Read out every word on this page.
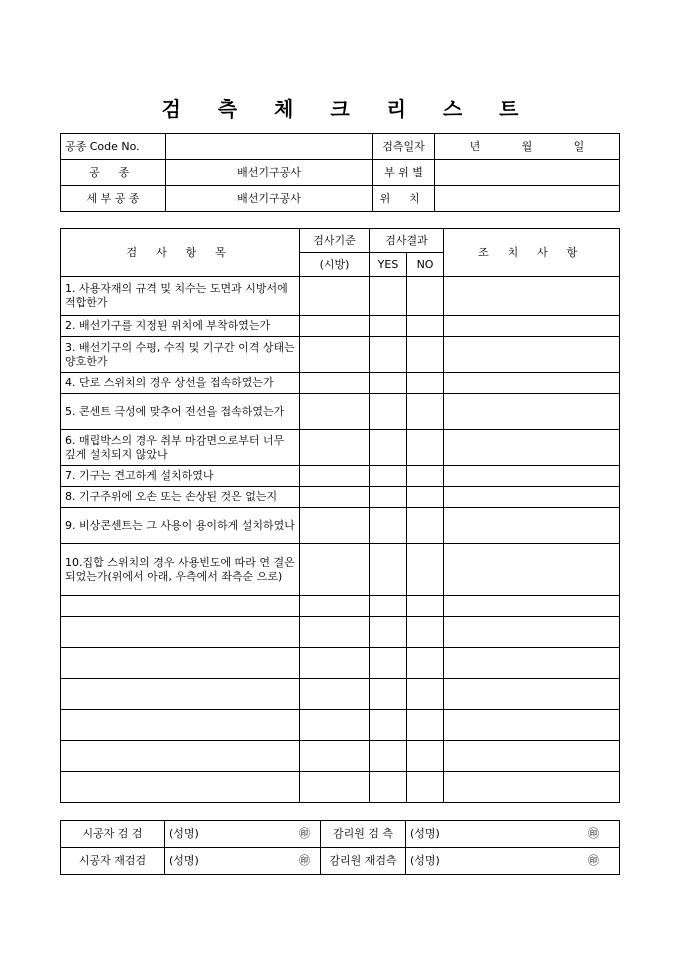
검 측 체 크 리 스 트
공종 Code No.		검측일자	년 월 일

공 종	배선기구공사	부 위 별	
세 부 공 종	배선기구공사	위 치	
검 사 항 목	검사기준	검사결과		조 치 사 항
	(시방)	YES	NO	
1. 사용자재의 규격 및 치수는 도면과 시방서에 적합한가				
2. 배선기구를 지정된 위치에 부착하였는가				
3. 배선기구의 수평, 수직 및 기구간 이격 상태는 양호한가				
4. 단로 스위치의 경우 상선을 접속하였는가				
5. 콘센트 극성에 맞추어 전선을 접속하였는가				
6. 매립박스의 경우 취부 마감면으로부터 너무 깊게 설치되지 않았나				
7. 기구는 견고하게 설치하였나				
8. 기구주위에 오손 또는 손상된 것은 없는지				
9. 비상콘센트는 그 사용이 용이하게 설치하였나				
10.집합 스위치의 경우 사용빈도에 따라 연 결은 되었는가(위에서 아래, 우측에서 좌측순 으로)				

시공자 검 검	(성명) ㊞	감리원 검 측	(성명) ㊞

시공자 재검검	(성명) ㊞	감리원 재검측	(성명) ㊞
